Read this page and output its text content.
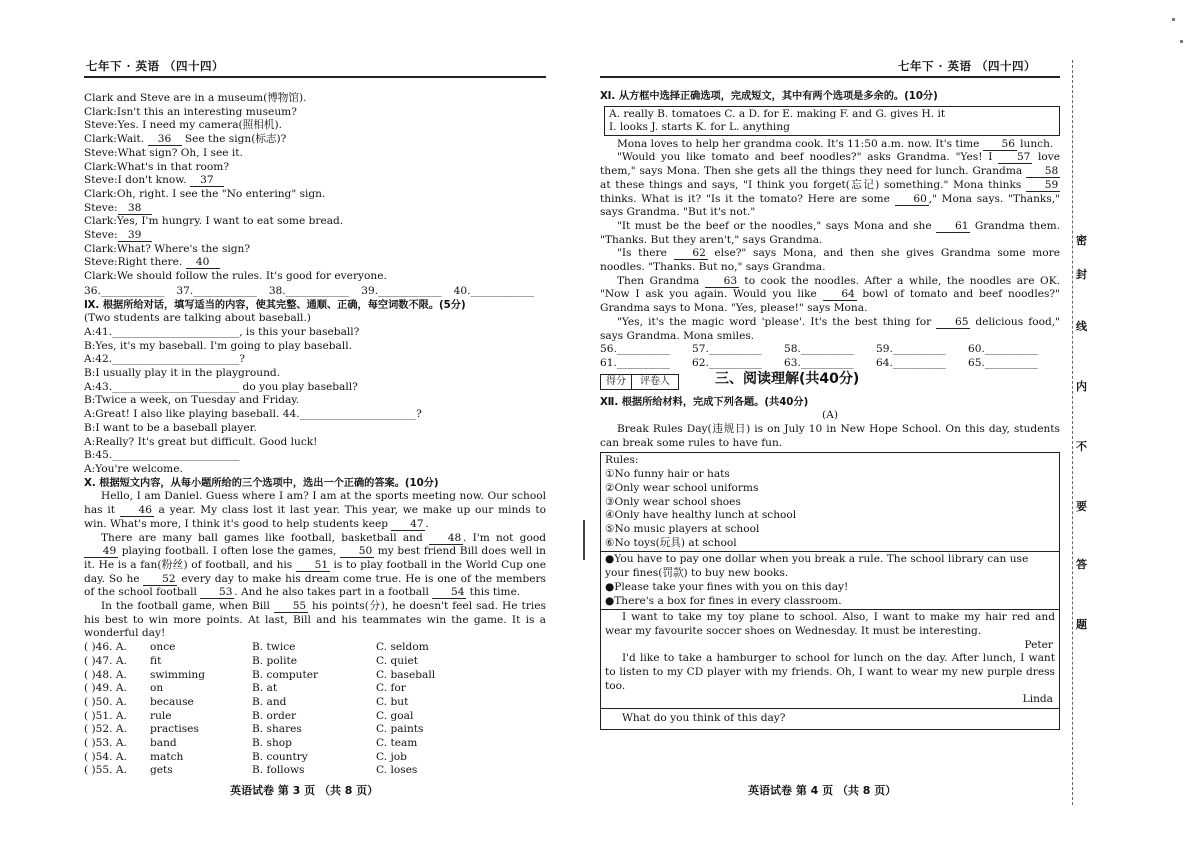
七年下 · 英语 （四十四）	七年下 · 英语 （四十四）
Clark and Steve are in a museum(博物馆).
Clark:Isn't this an interesting museum?
Steve:Yes. I need my camera(照相机).
Clark:Wait. 36 See the sign(标志)?
Steve:What sign? Oh, I see it.
Clark:What's in that room?
Steve:I don't know. 37
Clark:Oh, right. I see the "No entering" sign.
Steve: 38
Clark:Yes, I'm hungry. I want to eat some bread.
Steve: 39
Clark:What? Where's the sign?
Steve:Right there. 40
Clark:We should follow the rules. It's good for everyone.
36.____________	37.____________	38.____________	39.____________	40.____________
Ⅸ. 根据所给对话，填写适当的内容，使其完整、通顺、正确，每空词数不限。(5分)
(Two students are talking about baseball.)
A:41.________________________, is this your baseball?
B:Yes, it's my baseball. I'm going to play baseball.
A:42.________________________?
B:I usually play it in the playground.
A:43.________________________ do you play baseball?
B:Twice a week, on Tuesday and Friday.
A:Great! I also like playing baseball. 44.______________________?
B:I want to be a baseball player.
A:Really? It's great but difficult. Good luck!
B:45.________________________
A:You're welcome.
Ⅹ. 根据短文内容，从每小题所给的三个选项中，选出一个正确的答案。(10分)
Hello, I am Daniel. Guess where I am? I am at the sports meeting now. Our school has it 46 a year. My class lost it last year. This year, we make up our minds to win. What's more, I think it's good to help students keep 47 .
There are many ball games like football, basketball and 48 . I'm not good 49 playing football. I often lose the games, 50 my best friend Bill does well in it. He is a fan(粉丝) of football, and his 51 is to play football in the World Cup one day. So he 52 every day to make his dream come true. He is one of the members of the school football 53 . And he also takes part in a football 54 this time.
In the football game, when Bill 55 his points(分), he doesn't feel sad. He tries his best to win more points. At last, Bill and his teammates win the game. It is a wonderful day!
( )46. A.	once	B. twice	C. seldom
( )47. A.	fit	B. polite	C. quiet
( )48. A.	swimming	B. computer	C. baseball
( )49. A.	on	B. at	C. for
( )50. A.	because	B. and	C. but
( )51. A.	rule	B. order	C. goal
( )52. A.	practises	B. shares	C. paints
( )53. A.	band	B. shop	C. team
( )54. A.	match	B. country	C. job
( )55. A.	gets	B. follows	C. loses
英语试卷 第 3 页 （共 8 页）
Ⅺ. 从方框中选择正确选项，完成短文，其中有两个选项是多余的。(10分)
A. really B. tomatoes C. a D. for E. making F. and G. gives H. it
I. looks J. starts K. for L. anything
Mona loves to help her grandma cook. It's 11:50 a.m. now. It's time 56 lunch.
"Would you like tomato and beef noodles?" asks Grandma. "Yes! I 57 love them," says Mona. Then she gets all the things they need for lunch. Grandma 58 at these things and says, "I think you forget(忘记) something." Mona thinks 59 thinks. What is it? "Is it the tomato? Here are some 60 ," Mona says. "Thanks," says Grandma. "But it's not."
"It must be the beef or the noodles," says Mona and she 61 Grandma them. "Thanks. But they aren't," says Grandma.
"Is there 62 else?" says Mona, and then she gives Grandma some more noodles. "Thanks. But no," says Grandma.
Then Grandma 63 to cook the noodles. After a while, the noodles are OK. "Now I ask you again. Would you like 64 bowl of tomato and beef noodles?" Grandma says to Mona. "Yes, please!" says Mona.
"Yes, it's the magic word 'please'. It's the best thing for 65 delicious food," says Grandma. Mona smiles.
56.__________	57.__________	58.__________	59.__________	60.__________
61.__________	62.__________	63.__________	64.__________	65.__________
得分	评卷人	三、阅读理解(共40分)
Ⅻ. 根据所给材料，完成下列各题。(共40分)
(A)
Break Rules Day(违规日) is on July 10 in New Hope School. On this day, students can break some rules to have fun.
Rules:
①No funny hair or hats
②Only wear school uniforms
③Only wear school shoes
④Only have healthy lunch at school
⑤No music players at school
⑥No toys(玩具) at school
●You have to pay one dollar when you break a rule. The school library can use your fines(罚款) to buy new books.
●Please take your fines with you on this day!
●There's a box for fines in every classroom.
I want to take my toy plane to school. Also, I want to make my hair red and wear my favourite soccer shoes on Wednesday. It must be interesting.
Peter
I'd like to take a hamburger to school for lunch on the day. After lunch, I want to listen to my CD player with my friends. Oh, I want to wear my new purple dress too.
Linda
What do you think of this day?
英语试卷 第 4 页 （共 8 页）
密
封
线
内
不
要
答
题
